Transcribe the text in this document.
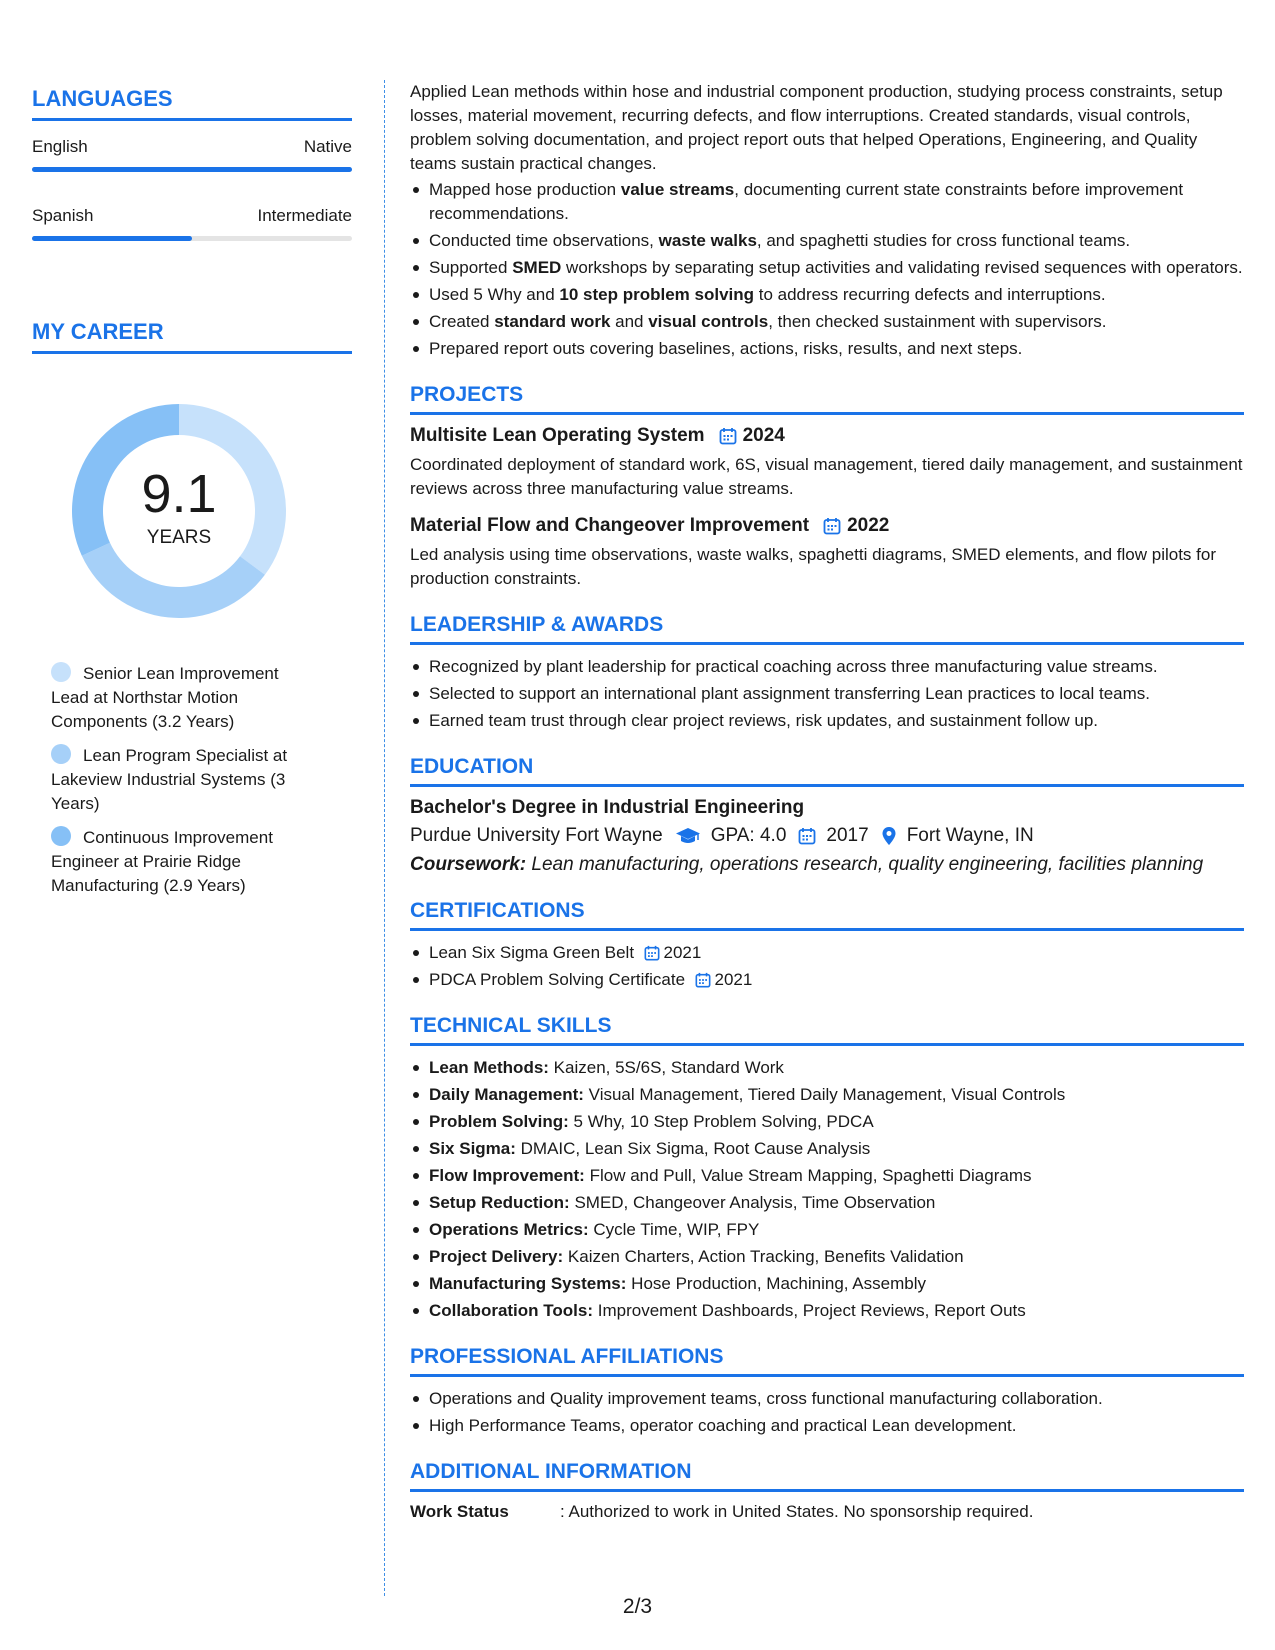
LANGUAGES
English	Native
Spanish	Intermediate
MY CAREER
9.1
YEARS
Senior Lean Improvement Lead at Northstar Motion Components (3.2 Years)
Lean Program Specialist at Lakeview Industrial Systems (3 Years)
Continuous Improvement Engineer at Prairie Ridge Manufacturing (2.9 Years)

Applied Lean methods within hose and industrial component production, studying process constraints, setup losses, material movement, recurring defects, and flow interruptions. Created standards, visual controls, problem solving documentation, and project report outs that helped Operations, Engineering, and Quality teams sustain practical changes.

Mapped hose production value streams, documenting current state constraints before improvement recommendations.
Conducted time observations, waste walks, and spaghetti studies for cross functional teams.
Supported SMED workshops by separating setup activities and validating revised sequences with operators.
Used 5 Why and 10 step problem solving to address recurring defects and interruptions.
Created standard work and visual controls, then checked sustainment with supervisors.
Prepared report outs covering baselines, actions, risks, results, and next steps.
PROJECTS
Multisite Lean Operating System 2024

Coordinated deployment of standard work, 6S, visual management, tiered daily management, and sustainment reviews across three manufacturing value streams.

Material Flow and Changeover Improvement 2022

Led analysis using time observations, waste walks, spaghetti diagrams, SMED elements, and flow pilots for production constraints.

LEADERSHIP & AWARDS
Recognized by plant leadership for practical coaching across three manufacturing value streams.
Selected to support an international plant assignment transferring Lean practices to local teams.
Earned team trust through clear project reviews, risk updates, and sustainment follow up.
EDUCATION
Bachelor's Degree in Industrial Engineering
Purdue University Fort Wayne	GPA: 4.0 2017 Fort Wayne, IN

Coursework: Lean manufacturing, operations research, quality engineering, facilities planning

CERTIFICATIONS
Lean Six Sigma Green Belt 2021
PDCA Problem Solving Certificate 2021
TECHNICAL SKILLS
Lean Methods: Kaizen, 5S/6S, Standard Work
Daily Management: Visual Management, Tiered Daily Management, Visual Controls
Problem Solving: 5 Why, 10 Step Problem Solving, PDCA
Six Sigma: DMAIC, Lean Six Sigma, Root Cause Analysis
Flow Improvement: Flow and Pull, Value Stream Mapping, Spaghetti Diagrams
Setup Reduction: SMED, Changeover Analysis, Time Observation
Operations Metrics: Cycle Time, WIP, FPY
Project Delivery: Kaizen Charters, Action Tracking, Benefits Validation
Manufacturing Systems: Hose Production, Machining, Assembly
Collaboration Tools: Improvement Dashboards, Project Reviews, Report Outs
PROFESSIONAL AFFILIATIONS
Operations and Quality improvement teams, cross functional manufacturing collaboration.
High Performance Teams, operator coaching and practical Lean development.
ADDITIONAL INFORMATION
Work Status	: Authorized to work in United States. No sponsorship required.
2/3
